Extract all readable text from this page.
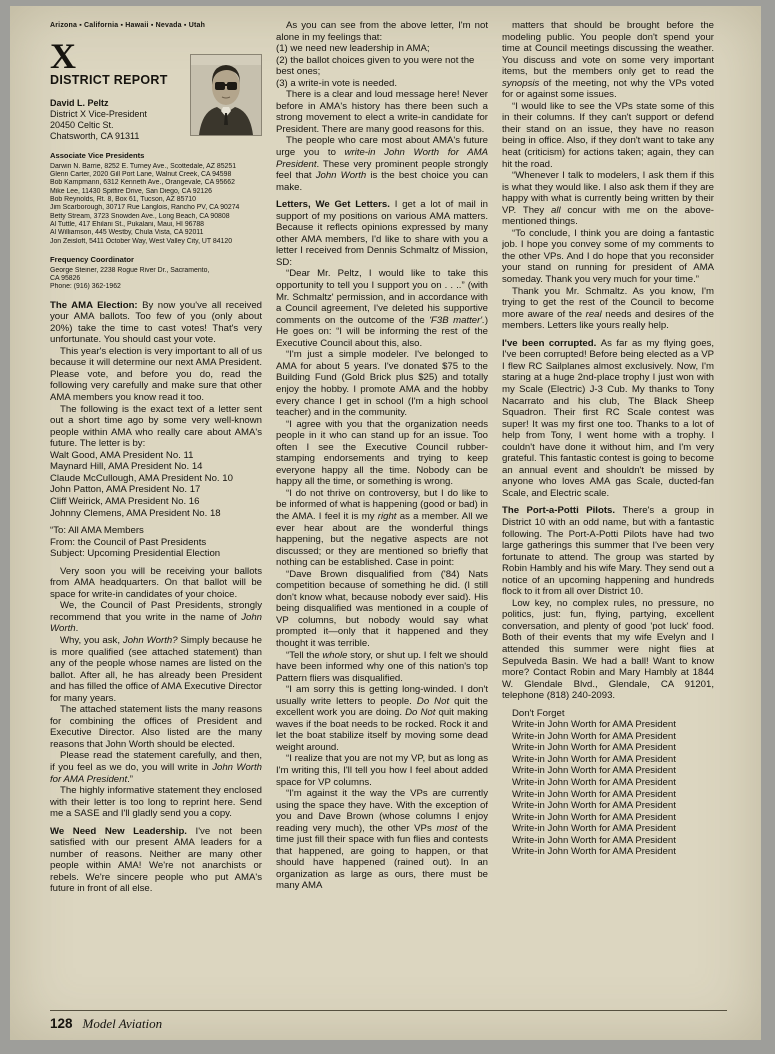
Arizona ▪ California ▪ Hawaii ▪ Nevada ▪ Utah
X
DISTRICT REPORT
David L. Peltz
District X Vice-President
20450 Celtic St.
Chatsworth, CA 91311
Associate Vice Presidents
Darwin N. Barrie, 8252 E. Turney Ave., Scottedale, AZ 85251
Glenn Carter, 2020 Gill Port Lane, Walnut Creek, CA 94598
Bob Kampmann, 6312 Kenneth Ave., Orangevale, CA 95662
Mike Lee, 11430 Spitfire Drive, San Diego, CA 92126
Bob Reynolds, Rt. 8, Box 61, Tucson, AZ 85710
Jim Scarborough, 30717 Rue Langlois, Rancho PV, CA 90274
Betty Stream, 3723 Snowden Ave., Long Beach, CA 90808
Al Tuttle, 417 Ehilani St., Pukalani, Maui, HI 96788
Al Williamson, 445 Westby, Chula Vista, CA 92011
Jon Zeisloft, 5411 October Way, West Valley City, UT 84120
Frequency Coordinator
George Steiner, 2238 Rogue River Dr., Sacramento,
CA 95826
Phone: (916) 362-1962

The AMA Election: By now you've all received your AMA ballots. Too few of you (only about 20%) take the time to cast votes! That's very unfortunate. You should cast your vote.

This year's election is very important to all of us because it will determine our next AMA President. Please vote, and before you do, read the following very carefully and make sure that other AMA members you know read it too.

The following is the exact text of a letter sent out a short time ago by some very well-known people within AMA who really care about AMA's future. The letter is by:

Walt Good, AMA President No. 11
Maynard Hill, AMA President No. 14
Claude McCullough, AMA President No. 10
John Patton, AMA President No. 17
Cliff Weirick, AMA President No. 16
Johnny Clemens, AMA President No. 18
“To: All AMA Members
From: the Council of Past Presidents
Subject: Upcoming Presidential Election

Very soon you will be receiving your ballots from AMA headquarters. On that ballot will be space for write-in candidates of your choice.

We, the Council of Past Presidents, strongly recommend that you write in the name of John Worth.

Why, you ask, John Worth? Simply because he is more qualified (see attached statement) than any of the people whose names are listed on the ballot. After all, he has already been President and has filled the office of AMA Executive Director for many years.

The attached statement lists the many reasons for combining the offices of President and Executive Director. Also listed are the many reasons that John Worth should be elected.

Please read the statement carefully, and then, if you feel as we do, you will write in John Worth for AMA President.”

The highly informative statement they enclosed with their letter is too long to reprint here. Send me a SASE and I'll gladly send you a copy.

We Need New Leadership. I've not been satisfied with our present AMA leaders for a number of reasons. Neither are many other people within AMA! We're not anarchists or rebels. We're sincere people who put AMA's future in front of all else.

As you can see from the above letter, I'm not alone in my feelings that:

(1) we need new leadership in AMA;
(2) the ballot choices given to you were not the best ones;
(3) a write-in vote is needed.

There is a clear and loud message here! Never before in AMA's history has there been such a strong movement to elect a write-in candidate for President. There are many good reasons for this.

The people who care most about AMA's future urge you to write-in John Worth for AMA President. These very prominent people strongly feel that John Worth is the best choice you can make.

Letters, We Get Letters. I get a lot of mail in support of my positions on various AMA matters. Because it reflects opinions expressed by many other AMA members, I'd like to share with you a letter I received from Dennis Schmaltz of Mission, SD:

“Dear Mr. Peltz, I would like to take this opportunity to tell you I support you on . . ..” (with Mr. Schmaltz' permission, and in accordance with a Council agreement, I've deleted his supportive comments on the outcome of the 'F3B matter'.) He goes on: “I will be informing the rest of the Executive Council about this, also.

“I'm just a simple modeler. I've belonged to AMA for about 5 years. I've donated $75 to the Building Fund (Gold Brick plus $25) and totally enjoy the hobby. I promote AMA and the hobby every chance I get in school (I'm a high school teacher) and in the community.

“I agree with you that the organization needs people in it who can stand up for an issue. Too often I see the Executive Council rubber-stamping endorsements and trying to keep everyone happy all the time. Nobody can be happy all the time, or something is wrong.

“I do not thrive on controversy, but I do like to be informed of what is happening (good or bad) in the AMA. I feel it is my right as a member. All we ever hear about are the wonderful things happening, but the negative aspects are not discussed; or they are mentioned so briefly that nothing can be established. Case in point:

“Dave Brown disqualified from ('84) Nats competition because of something he did. (I still don't know what, because nobody ever said). His being disqualified was mentioned in a couple of VP columns, but nobody would say what prompted it—only that it happened and they thought it was terrible.

“Tell the whole story, or shut up. I felt we should have been informed why one of this nation's top Pattern fliers was disqualified.

“I am sorry this is getting long-winded. I don't usually write letters to people. Do Not quit the excellent work you are doing. Do Not quit making waves if the boat needs to be rocked. Rock it and let the boat stabilize itself by moving some dead weight around.

“I realize that you are not my VP, but as long as I'm writing this, I'll tell you how I feel about added space for VP columns.

“I'm against it the way the VPs are currently using the space they have. With the exception of you and Dave Brown (whose columns I enjoy reading very much), the other VPs most of the time just fill their space with fun flies and contests that happened, are going to happen, or that should have happened (rained out). In an organization as large as ours, there must be many AMA

matters that should be brought before the modeling public. You people don't spend your time at Council meetings discussing the weather. You discuss and vote on some very important items, but the members only get to read the synopsis of the meeting, not why the VPs voted for or against some issues.

“I would like to see the VPs state some of this in their columns. If they can't support or defend their stand on an issue, they have no reason being in office. Also, if they don't want to take any heat (criticism) for actions taken; again, they can hit the road.

“Whenever I talk to modelers, I ask them if this is what they would like. I also ask them if they are happy with what is currently being written by their VP. They all concur with me on the above-mentioned things.

“To conclude, I think you are doing a fantastic job. I hope you convey some of my comments to the other VPs. And I do hope that you reconsider your stand on running for president of AMA someday. Thank you very much for your time.”

Thank you Mr. Schmaltz. As you know, I'm trying to get the rest of the Council to become more aware of the real needs and desires of the members. Letters like yours really help.

I've been corrupted. As far as my flying goes, I've been corrupted! Before being elected as a VP I flew RC Sailplanes almost exclusively. Now, I'm staring at a huge 2nd-place trophy I just won with my Scale (Electric) J-3 Cub. My thanks to Tony Nacarrato and his club, The Black Sheep Squadron. Their first RC Scale contest was super! It was my first one too. Thanks to a lot of help from Tony, I went home with a trophy. I couldn't have done it without him, and I'm very grateful. This fantastic contest is going to become an annual event and shouldn't be missed by anyone who loves AMA gas Scale, ducted-fan Scale, and Electric scale.

The Port-a-Potti Pilots. There's a group in District 10 with an odd name, but with a fantastic following. The Port-A-Potti Pilots have had two large gatherings this summer that I've been very fortunate to attend. The group was started by Robin Hambly and his wife Mary. They send out a notice of an upcoming happening and hundreds flock to it from all over District 10.

Low key, no complex rules, no pressure, no politics, just: fun, flying, partying, excellent conversation, and plenty of good 'pot luck' food. Both of their events that my wife Evelyn and I attended this summer were night flies at Sepulveda Basin. We had a ball! Want to know more? Contact Robin and Mary Hambly at 1844 W. Glendale Blvd., Glendale, CA 91201, telephone (818) 240-2093.

Don't Forget
Write-in John Worth for AMA President
Write-in John Worth for AMA President
Write-in John Worth for AMA President
Write-in John Worth for AMA President
Write-in John Worth for AMA President
Write-in John Worth for AMA President
Write-in John Worth for AMA President
Write-in John Worth for AMA President
Write-in John Worth for AMA President
Write-in John Worth for AMA President
Write-in John Worth for AMA President
Write-in John Worth for AMA President
128 Model Aviation
